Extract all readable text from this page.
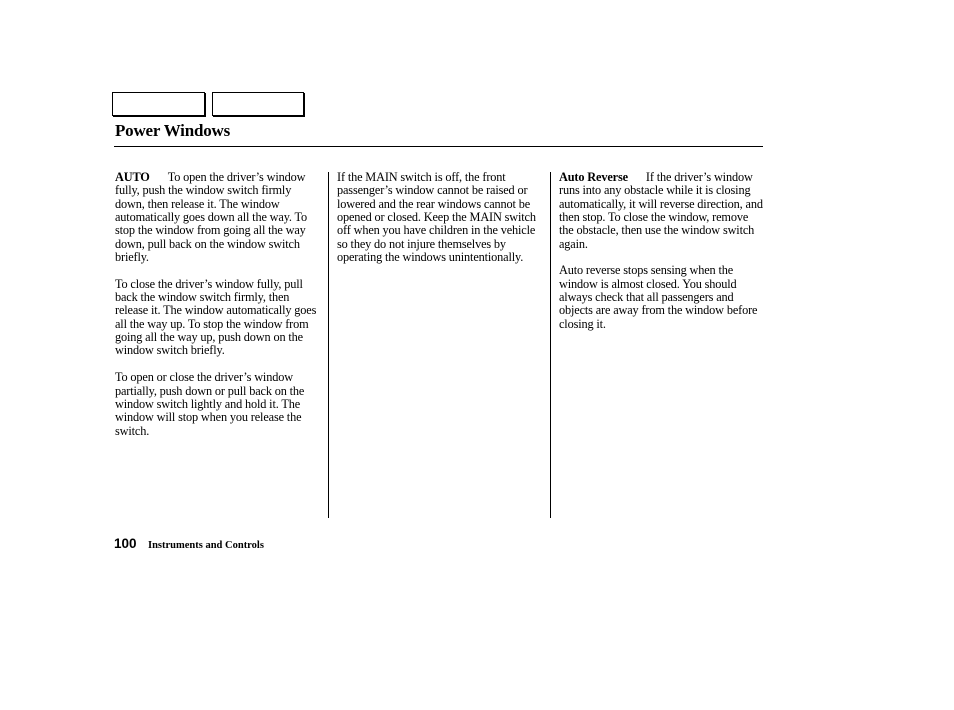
Power Windows

AUTO To open the driver’s window fully, push the window switch firmly down, then release it. The window automatically goes down all the way. To stop the window from going all the way down, pull back on the window switch briefly.

To close the driver’s window fully, pull back the window switch firmly, then release it. The window automatically goes all the way up. To stop the window from going all the way up, push down on the window switch briefly.

To open or close the driver’s window partially, push down or pull back on the window switch lightly and hold it. The window will stop when you release the switch.

If the MAIN switch is off, the front passenger’s window cannot be raised or lowered and the rear windows cannot be opened or closed. Keep the MAIN switch off when you have children in the vehicle so they do not injure themselves by operating the windows unintentionally.

Auto Reverse If the driver’s window runs into any obstacle while it is closing automatically, it will reverse direction, and then stop. To close the window, remove the obstacle, then use the window switch again.

Auto reverse stops sensing when the window is almost closed. You should always check that all passengers and objects are away from the window before closing it.

100 Instruments and Controls
